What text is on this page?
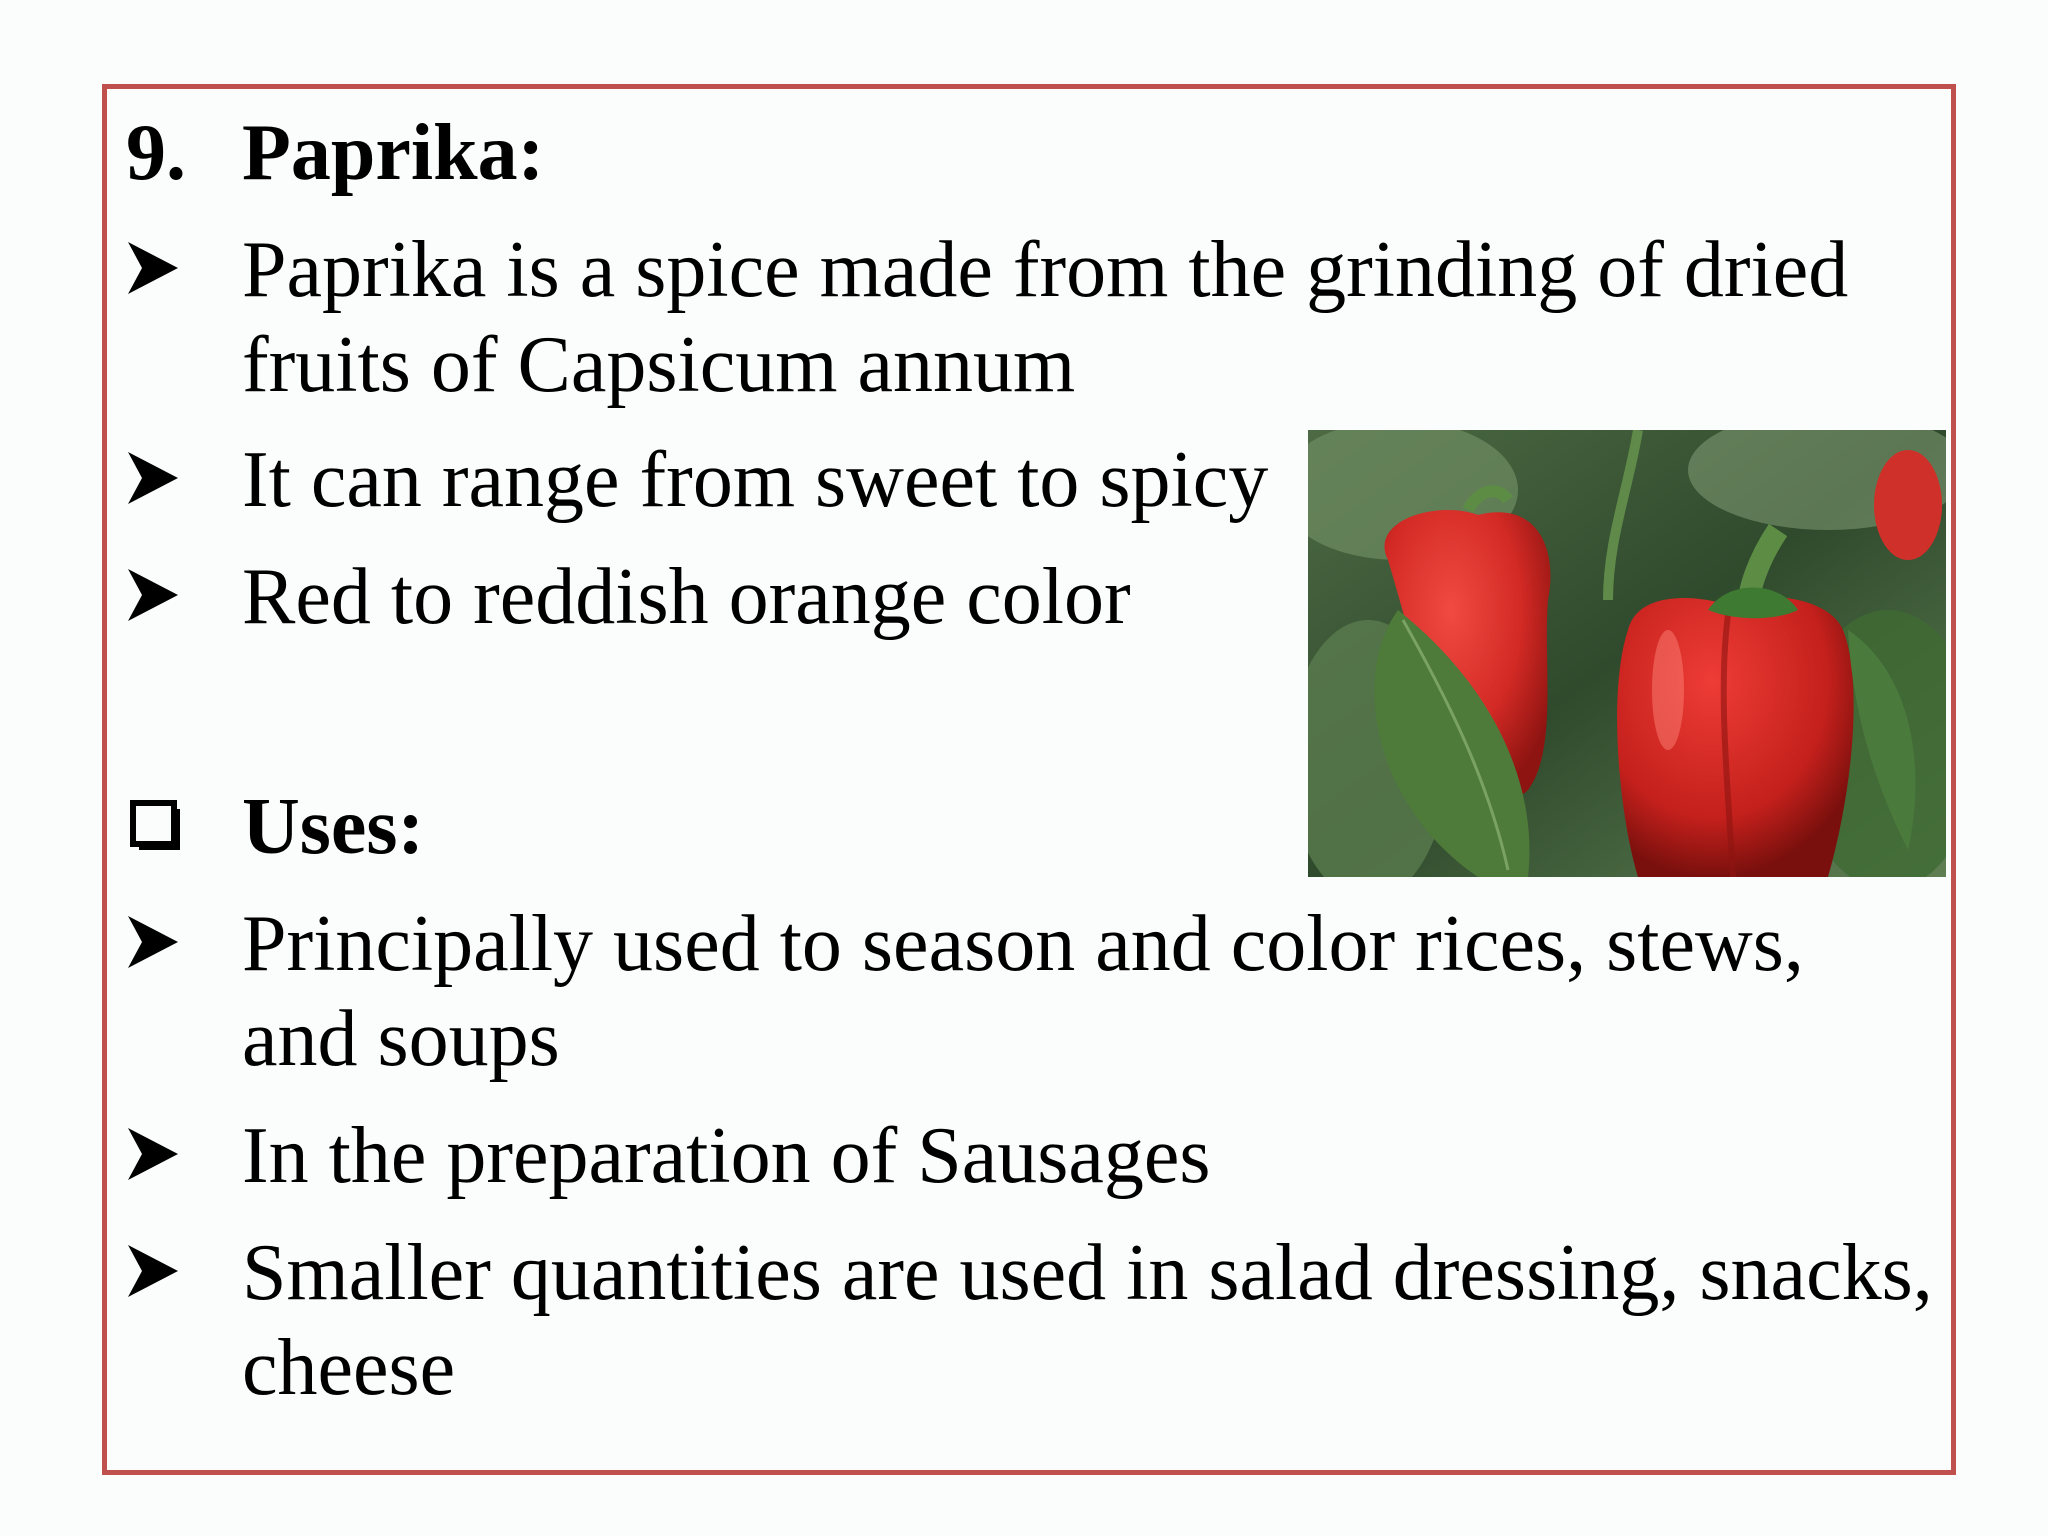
9. Paprika:
Paprika is a spice made from the grinding of dried
fruits of Capsicum annum
It can range from sweet to spicy
Red to reddish orange color
Uses:
Principally used to season and color rices, stews,
and soups
In the preparation of Sausages
Smaller quantities are used in salad dressing, snacks,
cheese
